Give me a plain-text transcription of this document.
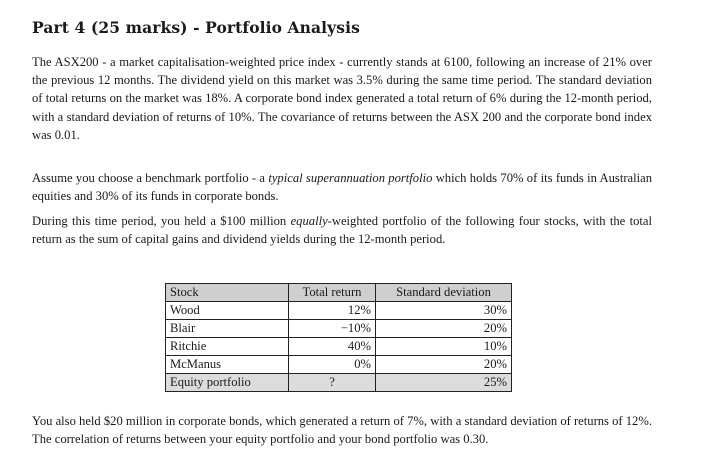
Part 4 (25 marks) - Portfolio Analysis

The ASX200 - a market capitalisation-weighted price index - currently stands at 6100, following an increase of 21% over the previous 12 months. The dividend yield on this market was 3.5% during the same time period. The standard deviation of total returns on the market was 18%. A corporate bond index generated a total return of 6% during the 12-month period, with a standard deviation of returns of 10%. The covariance of returns between the ASX 200 and the corporate bond index was 0.01.

Assume you choose a benchmark portfolio - a typical superannuation portfolio which holds 70% of its funds in Australian equities and 30% of its funds in corporate bonds.

During this time period, you held a $100 million equally-weighted portfolio of the following four stocks, with the total return as the sum of capital gains and dividend yields during the 12-month period.

Stock	Total return	Standard deviation
Wood	12%	30%
Blair	−10%	20%
Ritchie	40%	10%
McManus	0%	20%
Equity portfolio	?	25%

You also held $20 million in corporate bonds, which generated a return of 7%, with a standard deviation of returns of 12%. The correlation of returns between your equity portfolio and your bond portfolio was 0.30.
